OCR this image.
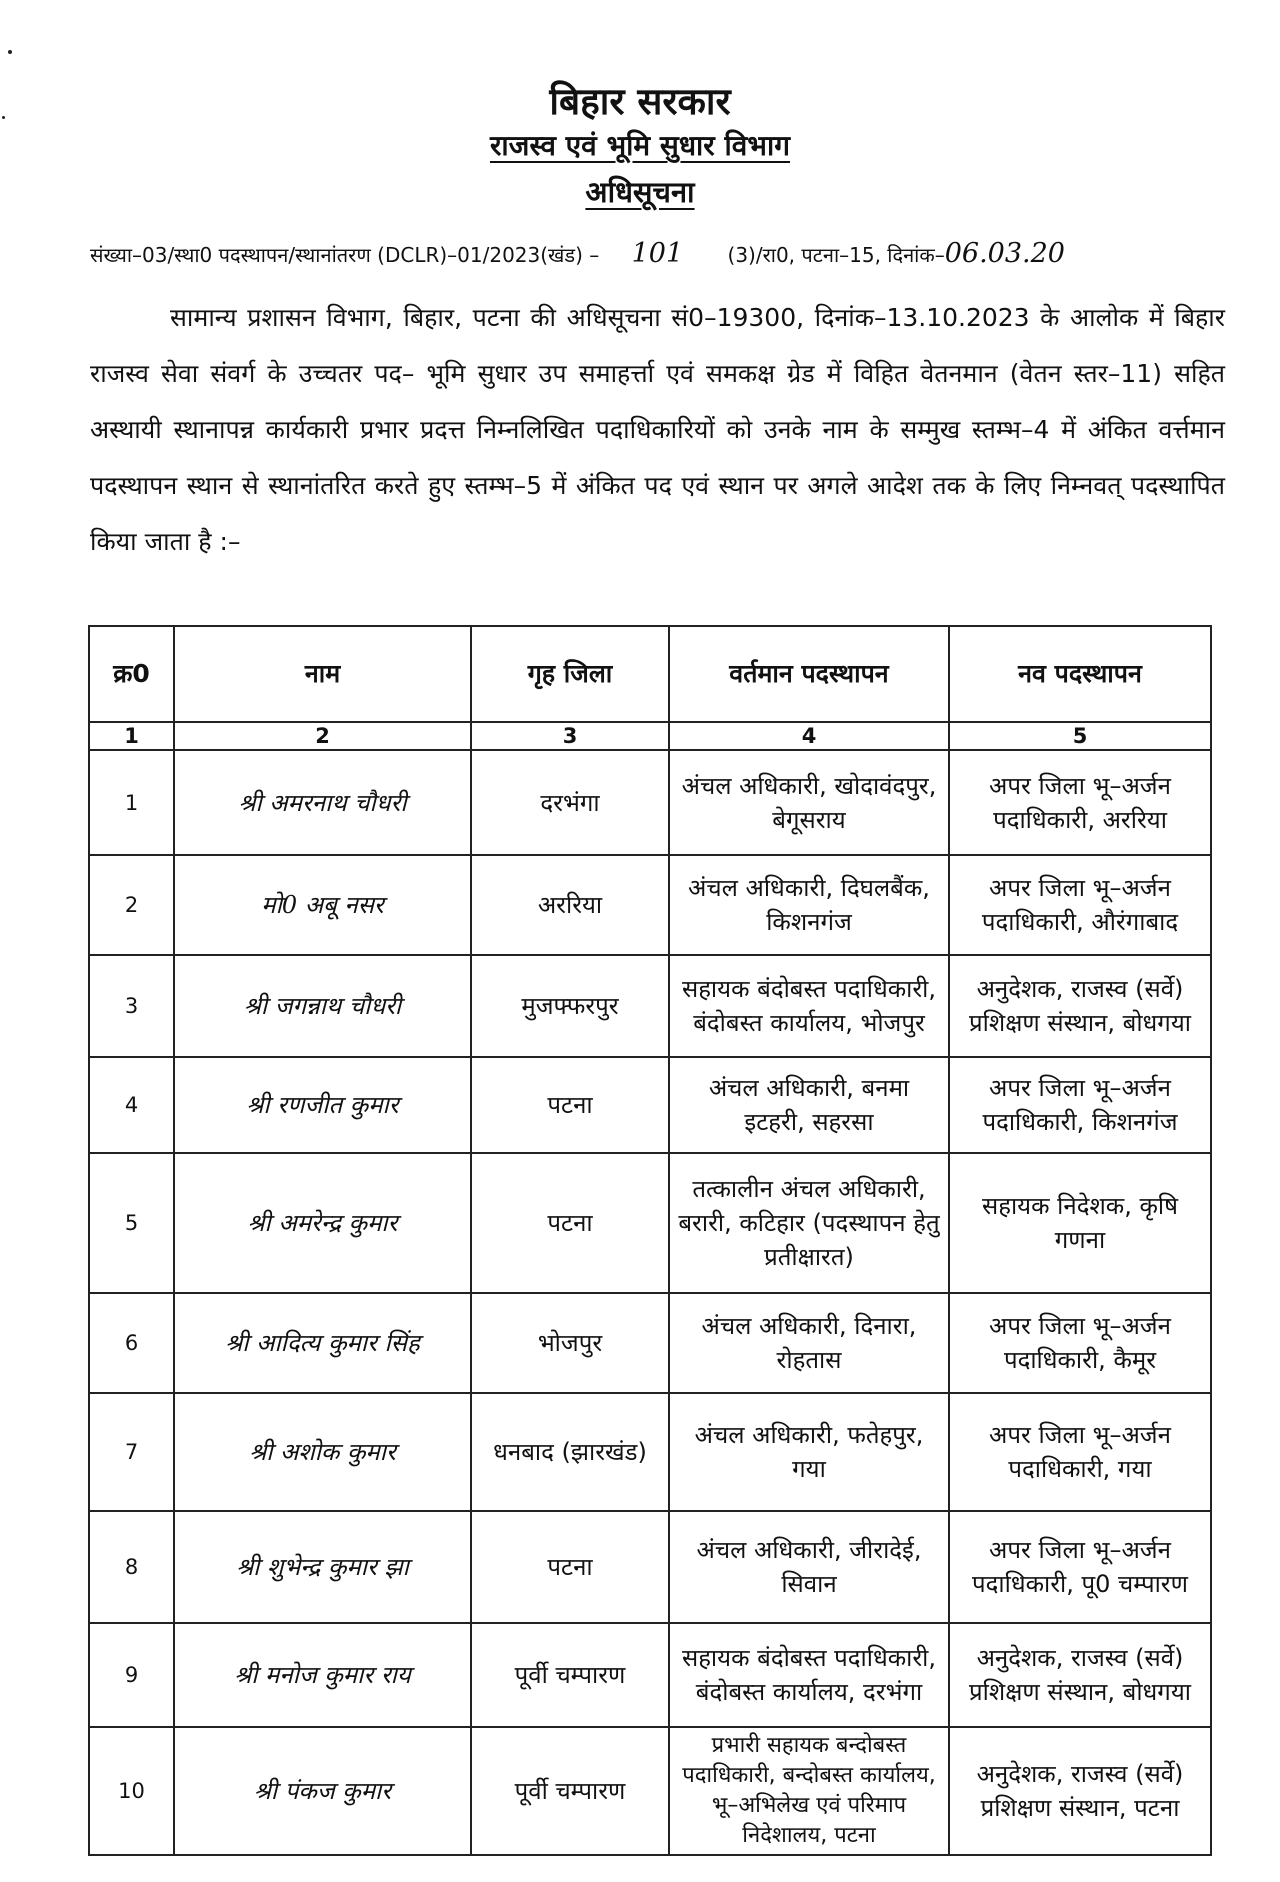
बिहार सरकार
राजस्व एवं भूमि सुधार विभाग
अधिसूचना
संख्या–03/स्था0 पदस्थापन/स्थानांतरण (DCLR)–01/2023(खंड) – 101 (3)/रा0, पटना–15, दिनांक–06.03.20

सामान्य प्रशासन विभाग, बिहार, पटना की अधिसूचना सं0–19300, दिनांक–13.10.2023 के आलोक में बिहार राजस्व सेवा संवर्ग के उच्चतर पद– भूमि सुधार उप समाहर्त्ता एवं समकक्ष ग्रेड में विहित वेतनमान (वेतन स्तर–11) सहित अस्थायी स्थानापन्न कार्यकारी प्रभार प्रदत्त निम्नलिखित पदाधिकारियों को उनके नाम के सम्मुख स्तम्भ–4 में अंकित वर्त्तमान पदस्थापन स्थान से स्थानांतरित करते हुए स्तम्भ–5 में अंकित पद एवं स्थान पर अगले आदेश तक के लिए निम्नवत् पदस्थापित किया जाता है :–

क्र0	नाम	गृह जिला	वर्तमान पदस्थापन	नव पदस्थापन
1	2	3	4	5
1	श्री अमरनाथ चौधरी	दरभंगा	अंचल अधिकारी, खोदावंदपुर, बेगूसराय	अपर जिला भू–अर्जन पदाधिकारी, अररिया
2	मो0 अबू नसर	अररिया	अंचल अधिकारी, दिघलबैंक, किशनगंज	अपर जिला भू–अर्जन पदाधिकारी, औरंगाबाद
3	श्री जगन्नाथ चौधरी	मुजफ्फरपुर	सहायक बंदोबस्त पदाधिकारी, बंदोबस्त कार्यालय, भोजपुर	अनुदेशक, राजस्व (सर्वे) प्रशिक्षण संस्थान, बोधगया
4	श्री रणजीत कुमार	पटना	अंचल अधिकारी, बनमा इटहरी, सहरसा	अपर जिला भू–अर्जन पदाधिकारी, किशनगंज
5	श्री अमरेन्द्र कुमार	पटना	तत्कालीन अंचल अधिकारी, बरारी, कटिहार (पदस्थापन हेतु प्रतीक्षारत)	सहायक निदेशक, कृषि गणना
6	श्री आदित्य कुमार सिंह	भोजपुर	अंचल अधिकारी, दिनारा, रोहतास	अपर जिला भू–अर्जन पदाधिकारी, कैमूर
7	श्री अशोक कुमार	धनबाद (झारखंड)	अंचल अधिकारी, फतेहपुर, गया	अपर जिला भू–अर्जन पदाधिकारी, गया
8	श्री शुभेन्द्र कुमार झा	पटना	अंचल अधिकारी, जीरादेई, सिवान	अपर जिला भू–अर्जन पदाधिकारी, पू0 चम्पारण
9	श्री मनोज कुमार राय	पूर्वी चम्पारण	सहायक बंदोबस्त पदाधिकारी, बंदोबस्त कार्यालय, दरभंगा	अनुदेशक, राजस्व (सर्वे) प्रशिक्षण संस्थान, बोधगया
10	श्री पंकज कुमार	पूर्वी चम्पारण	प्रभारी सहायक बन्दोबस्त पदाधिकारी, बन्दोबस्त कार्यालय, भू–अभिलेख एवं परिमाप निदेशालय, पटना	अनुदेशक, राजस्व (सर्वे) प्रशिक्षण संस्थान, पटना
